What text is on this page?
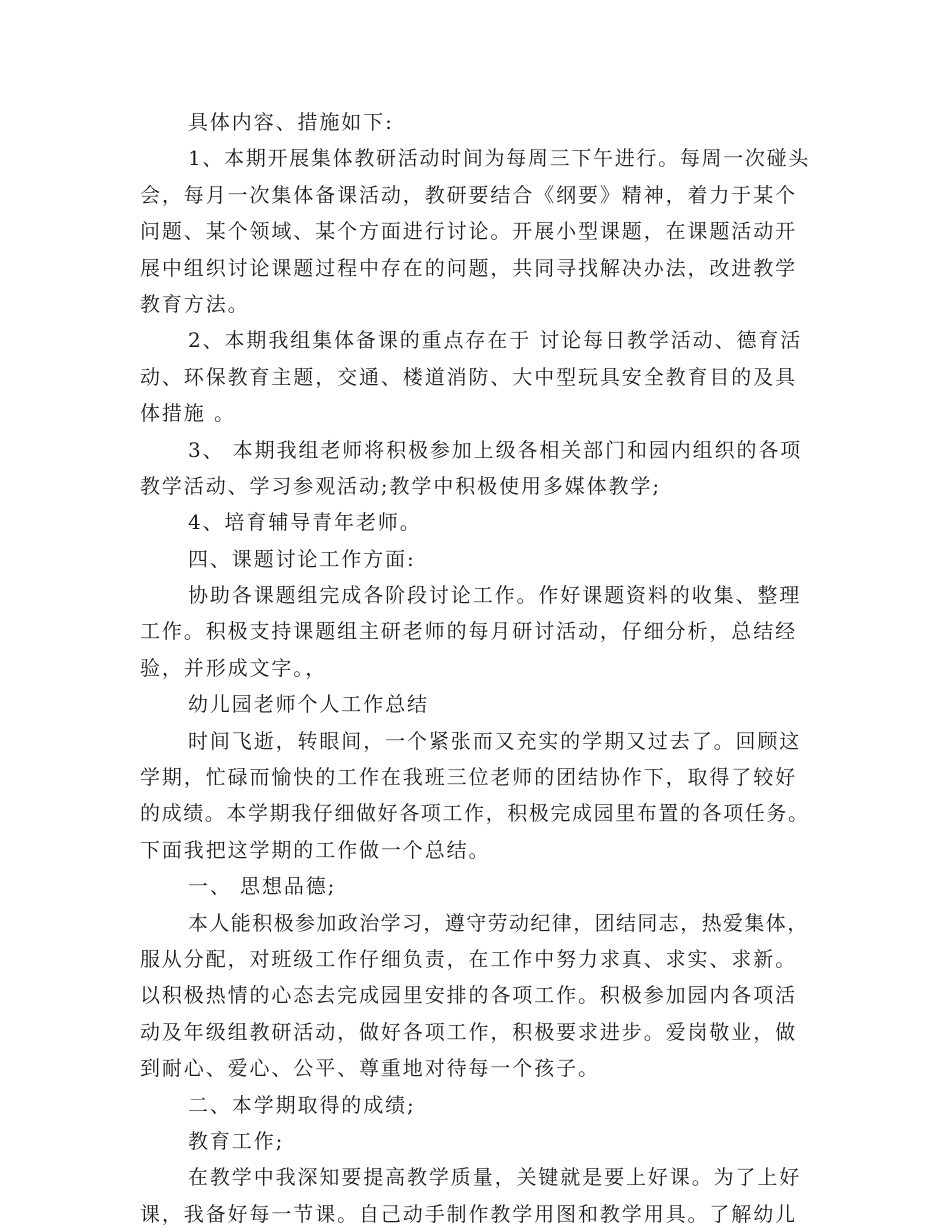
具体内容、措施如下:
1、本期开展集体教研活动时间为每周三下午进行。每周一次碰头
会，每月一次集体备课活动，教研要结合《纲要》精神，着力于某个
问题、某个领域、某个方面进行讨论。开展小型课题，在课题活动开
展中组织讨论课题过程中存在的问题，共同寻找解决办法，改进教学
教育方法。
2、本期我组集体备课的重点存在于 讨论每日教学活动、德育活
动、环保教育主题，交通、楼道消防、大中型玩具安全教育目的及具
体措施 。
3、 本期我组老师将积极参加上级各相关部门和园内组织的各项
教学活动、学习参观活动;教学中积极使用多媒体教学;
4、培育辅导青年老师。
四、课题讨论工作方面:
协助各课题组完成各阶段讨论工作。作好课题资料的收集、整理
工作。积极支持课题组主研老师的每月研讨活动，仔细分析，总结经
验，并形成文字。，
幼儿园老师个人工作总结
时间飞逝，转眼间，一个紧张而又充实的学期又过去了。回顾这
学期，忙碌而愉快的工作在我班三位老师的团结协作下，取得了较好
的成绩。本学期我仔细做好各项工作，积极完成园里布置的各项任务。
下面我把这学期的工作做一个总结。
一、 思想品德;
本人能积极参加政治学习，遵守劳动纪律，团结同志，热爱集体，
服从分配，对班级工作仔细负责，在工作中努力求真、求实、求新。
以积极热情的心态去完成园里安排的各项工作。积极参加园内各项活
动及年级组教研活动，做好各项工作，积极要求进步。爱岗敬业，做
到耐心、爱心、公平、尊重地对待每一个孩子。
二、本学期取得的成绩;
教育工作;
在教学中我深知要提高教学质量，关键就是要上好课。为了上好
课，我备好每一节课。自己动手制作教学用图和教学用具。了解幼儿
